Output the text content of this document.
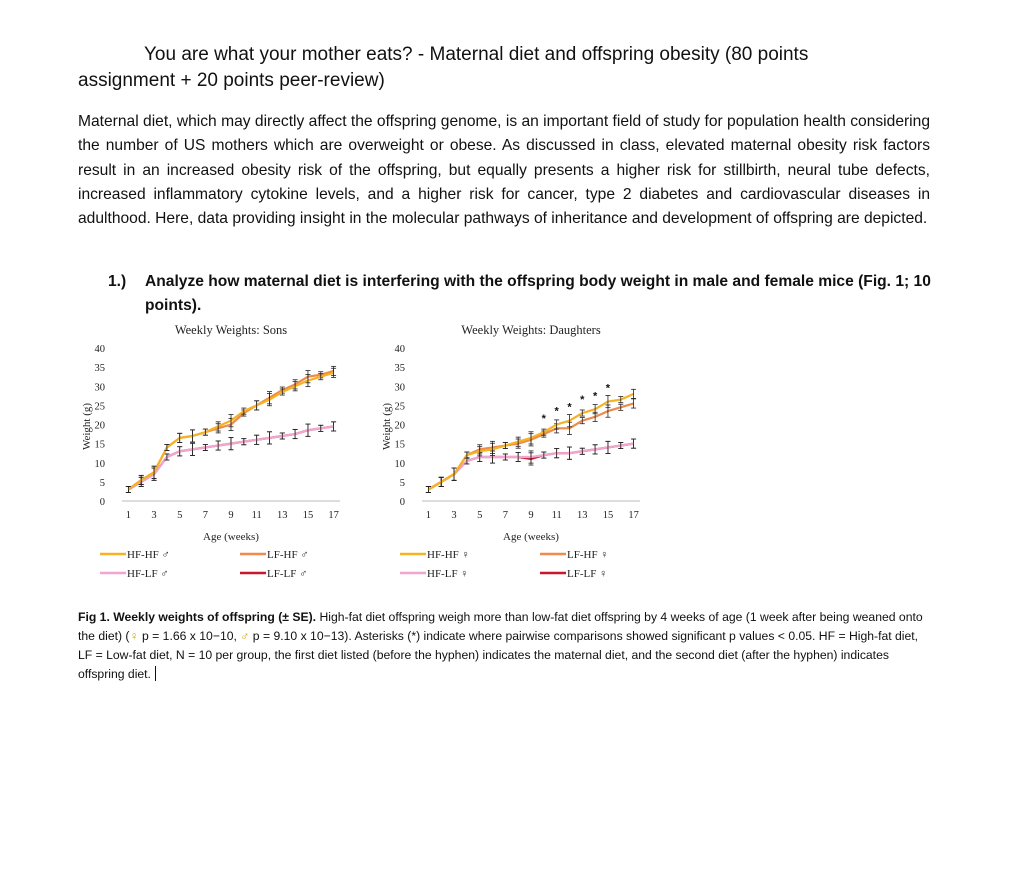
You are what your mother eats? - Maternal diet and offspring obesity (80 points
assignment + 20 points peer-review)
Maternal diet, which may directly affect the offspring genome, is an important field of study for population health considering the number of US mothers which are overweight or obese. As discussed in class, elevated maternal obesity risk factors result in an increased obesity risk of the offspring, but equally presents a higher risk for stillbirth, neural tube defects, increased inflammatory cytokine levels, and a higher risk for cancer, type 2 diabetes and cardiovascular diseases in adulthood. Here, data providing insight in the molecular pathways of inheritance and development of offspring are depicted.
1.) Analyze how maternal diet is interfering with the offspring body weight in male and female mice (Fig. 1; 10 points).
Weekly Weights: Sons
0
5
10
15
20
25
30
35
40
Weight (g)
1 3 5 7 9 11 13 15 17
Age (weeks)
HF-HF ♂	LF-HF ♂
HF-LF ♂	LF-LF ♂
Weekly Weights: Daughters
0
5
10
15
20
25
30
35
40
Weight (g)
1 3 5 7 9 11 13 15 17
Age (weeks)
*
* *
* *
*
HF-HF ♀	LF-HF ♀
HF-LF ♀	LF-LF ♀
Fig 1. Weekly weights of offspring (± SE). High-fat diet offspring weigh more than low-fat diet offspring by 4 weeks of age (1 week after being weaned onto the diet) (♀ p = 1.66 x 10−10, ♂ p = 9.10 x 10−13). Asterisks (*) indicate where pairwise comparisons showed significant p values < 0.05. HF = High-fat diet, LF = Low-fat diet, N = 10 per group, the first diet listed (before the hyphen) indicates the maternal diet, and the second diet (after the hyphen) indicates offspring diet.
